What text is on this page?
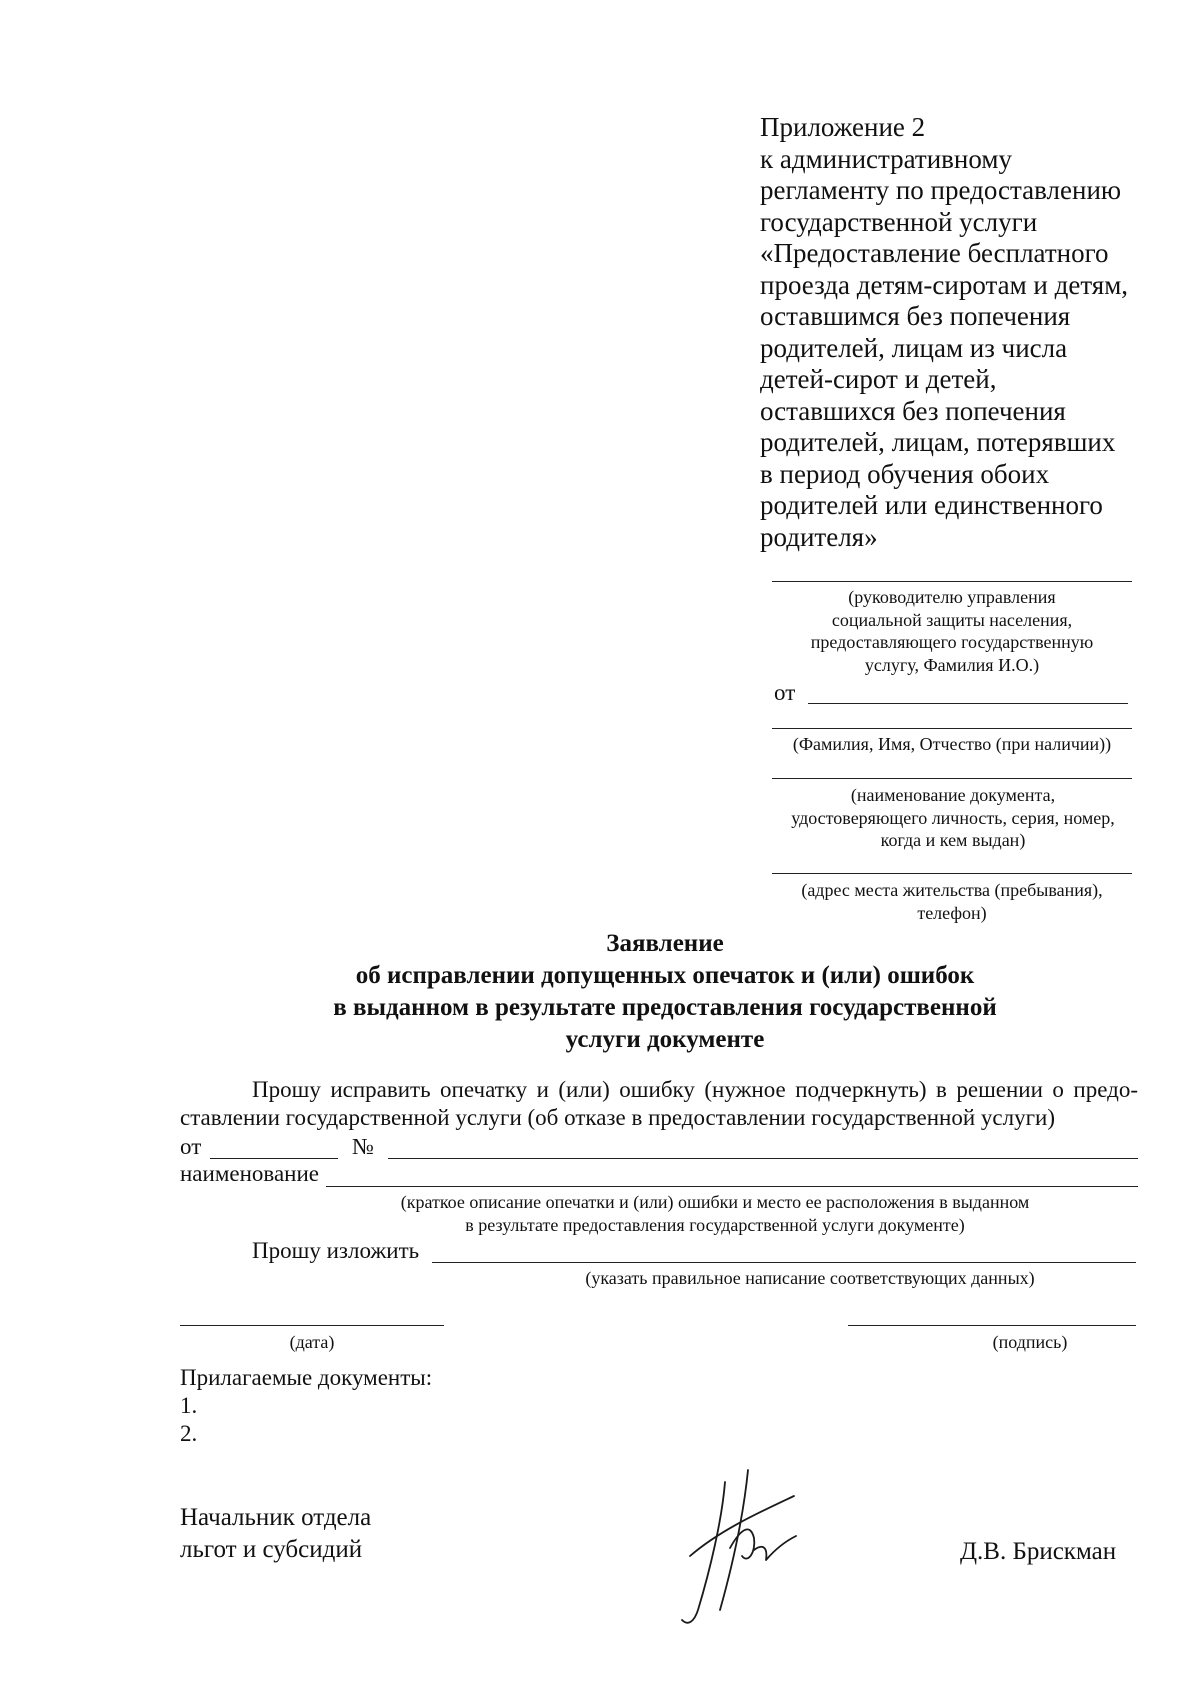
Приложение 2
к административному
регламенту по предоставлению
государственной услуги
«Предоставление бесплатного
проезда детям-сиротам и детям,
оставшимся без попечения
родителей, лицам из числа
детей-сирот и детей,
оставшихся без попечения
родителей, лицам, потерявших
в период обучения обоих
родителей или единственного
родителя»
(руководителю управления
социальной защиты населения,
предоставляющего государственную
услугу, Фамилия И.О.)
от
(Фамилия, Имя, Отчество (при наличии))
(наименование документа,
удостоверяющего личность, серия, номер,
когда и кем выдан)
(адрес места жительства (пребывания),
телефон)
Заявление
об исправлении допущенных опечаток и (или) ошибок
в выданном в результате предоставления государственной
услуги документе
Прошу исправить опечатку и (или) ошибку (нужное подчеркнуть) в решении о предо-ставлении государственной услуги (об отказе в предоставлении государственной услуги)
от	№
наименование
(краткое описание опечатки и (или) ошибки и место ее расположения в выданном
в результате предоставления государственной услуги документе)
Прошу изложить
(указать правильное написание соответствующих данных)
(дата)	(подпись)
Прилагаемые документы:
1.
2.
Начальник отдела
льгот и субсидий	Д.В. Брискман
